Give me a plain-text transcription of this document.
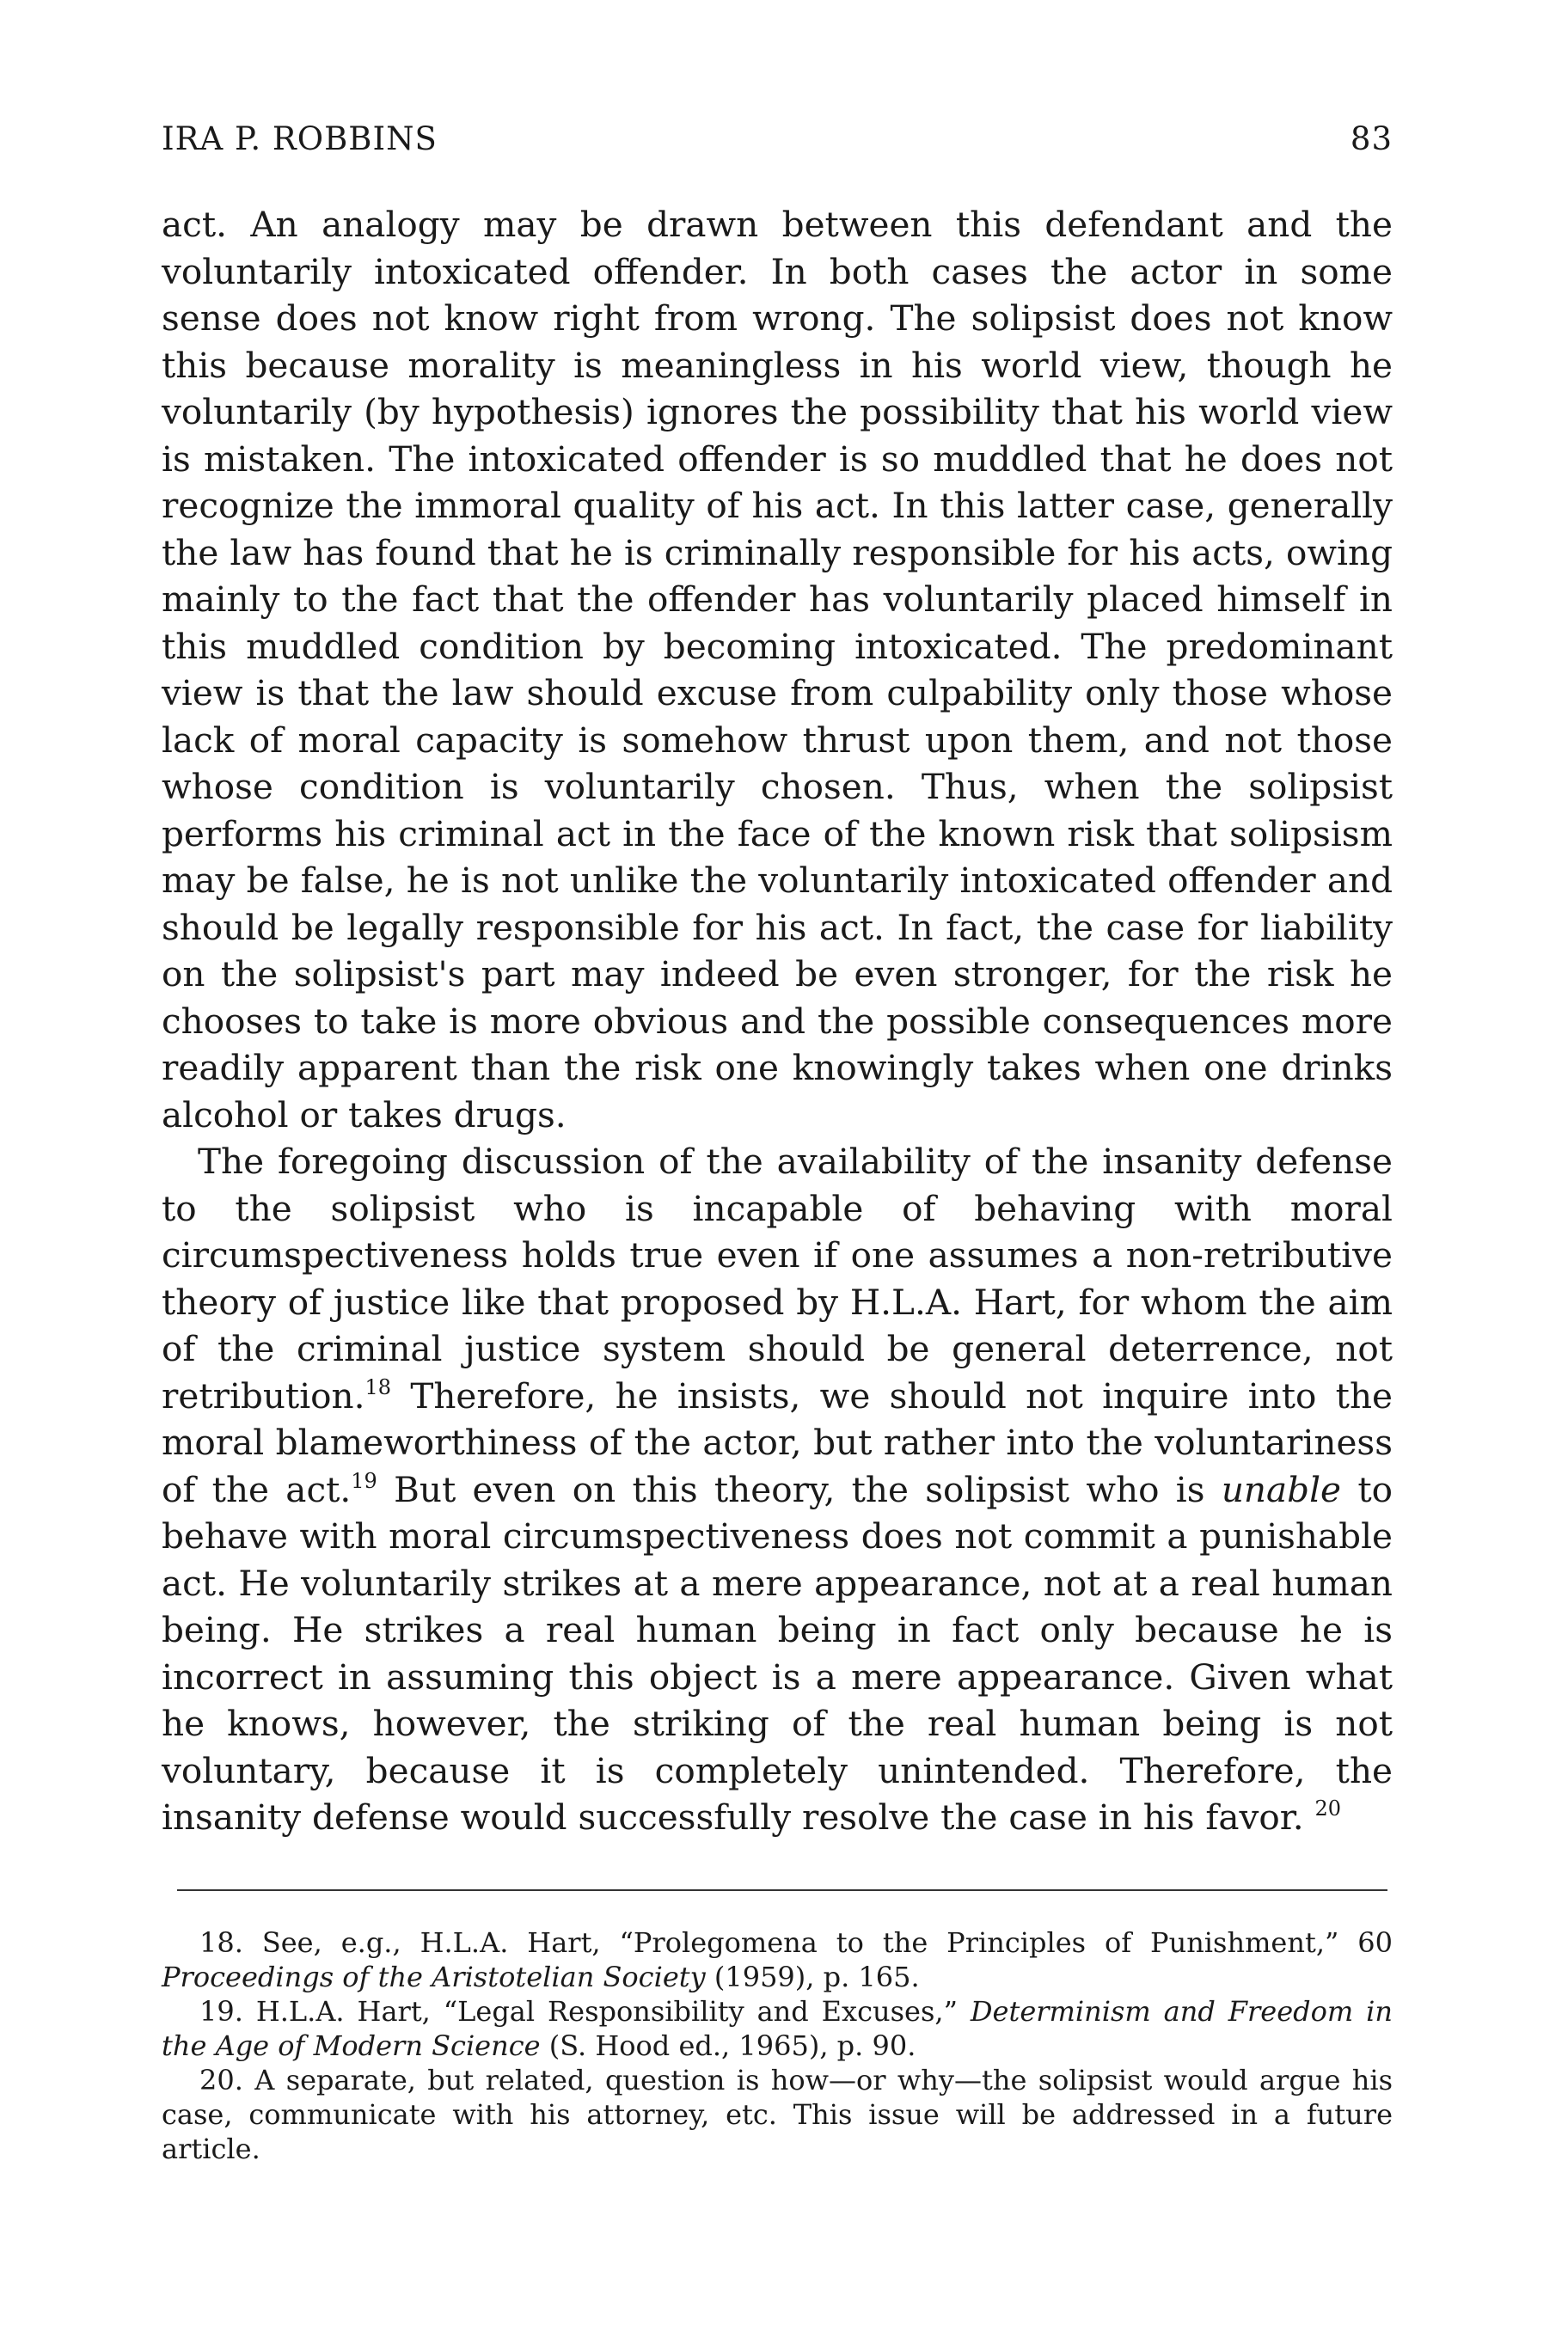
IRA P. ROBBINS	83

act. An analogy may be drawn between this defendant and the voluntarily intoxicated offender. In both cases the actor in some sense does not know right from wrong. The solipsist does not know this because morality is meaningless in his world view, though he voluntarily (by hypothesis) ignores the possibility that his world view is mistaken. The intoxicated offender is so muddled that he does not recognize the immoral quality of his act. In this latter case, generally the law has found that he is criminally responsible for his acts, owing mainly to the fact that the offender has voluntarily placed himself in this muddled condition by becoming intoxicated. The predominant view is that the law should excuse from culpability only those whose lack of moral capacity is somehow thrust upon them, and not those whose condition is voluntarily chosen. Thus, when the solipsist performs his criminal act in the face of the known risk that solipsism may be false, he is not unlike the voluntarily intoxicated offender and should be legally responsible for his act. In fact, the case for liability on the solipsist's part may indeed be even stronger, for the risk he chooses to take is more obvious and the possible consequences more readily apparent than the risk one knowingly takes when one drinks alcohol or takes drugs.

The foregoing discussion of the availability of the insanity defense to the solipsist who is incapable of behaving with moral circumspectiveness holds true even if one assumes a non-retributive theory of justice like that proposed by H.L.A. Hart, for whom the aim of the criminal justice system should be general deterrence, not retribution.$^{18}$ Therefore, he insists, we should not inquire into the moral blameworthiness of the actor, but rather into the voluntariness of the act.$^{19}$ But even on this theory, the solipsist who is unable to behave with moral circumspectiveness does not commit a punishable act. He voluntarily strikes at a mere appearance, not at a real human being. He strikes a real human being in fact only because he is incorrect in assuming this object is a mere appearance. Given what he knows, however, the striking of the real human being is not voluntary, because it is completely unintended. Therefore, the insanity defense would successfully resolve the case in his favor. $^{20}$

18. See, e.g., H.L.A. Hart, “Prolegomena to the Principles of Punishment,” 60 Proceedings of the Aristotelian Society (1959), p. 165.

19. H.L.A. Hart, “Legal Responsibility and Excuses,” Determinism and Freedom in the Age of Modern Science (S. Hood ed., 1965), p. 90.

20. A separate, but related, question is how—or why—the solipsist would argue his case, communicate with his attorney, etc. This issue will be addressed in a future article.
